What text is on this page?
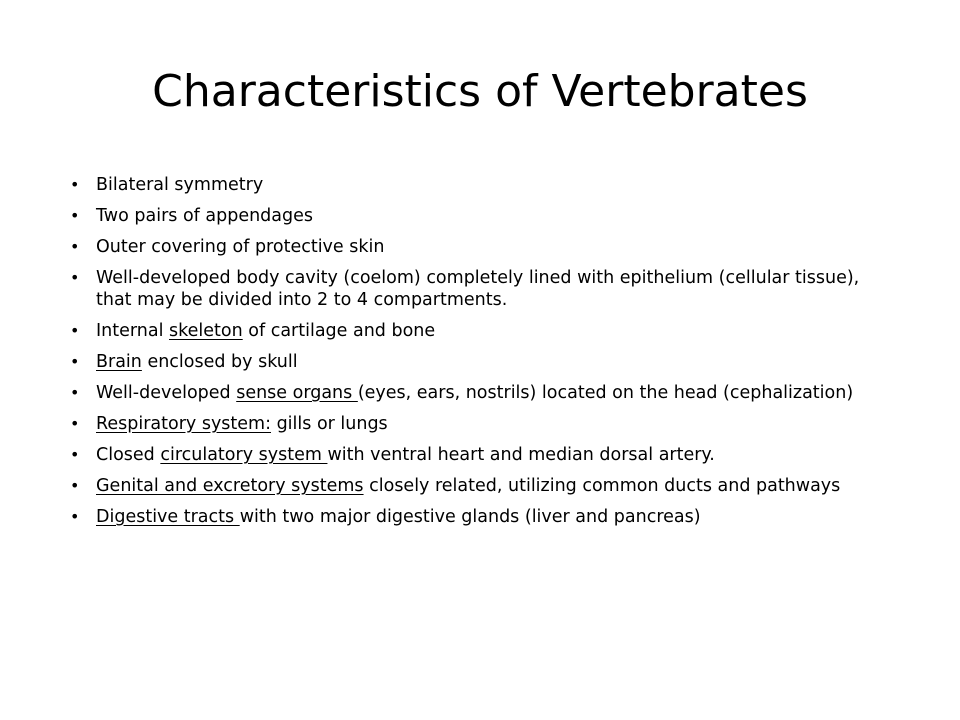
Characteristics of Vertebrates
• Bilateral symmetry
• Two pairs of appendages
• Outer covering of protective skin
• Well-developed body cavity (coelom) completely lined with epithelium (cellular tissue), that may be divided into 2 to 4 compartments.
• Internal skeleton of cartilage and bone
• Brain enclosed by skull
• Well-developed sense organs (eyes, ears, nostrils) located on the head (cephalization)
• Respiratory system: gills or lungs
• Closed circulatory system with ventral heart and median dorsal artery.
• Genital and excretory systems closely related, utilizing common ducts and pathways
• Digestive tracts with two major digestive glands (liver and pancreas)
